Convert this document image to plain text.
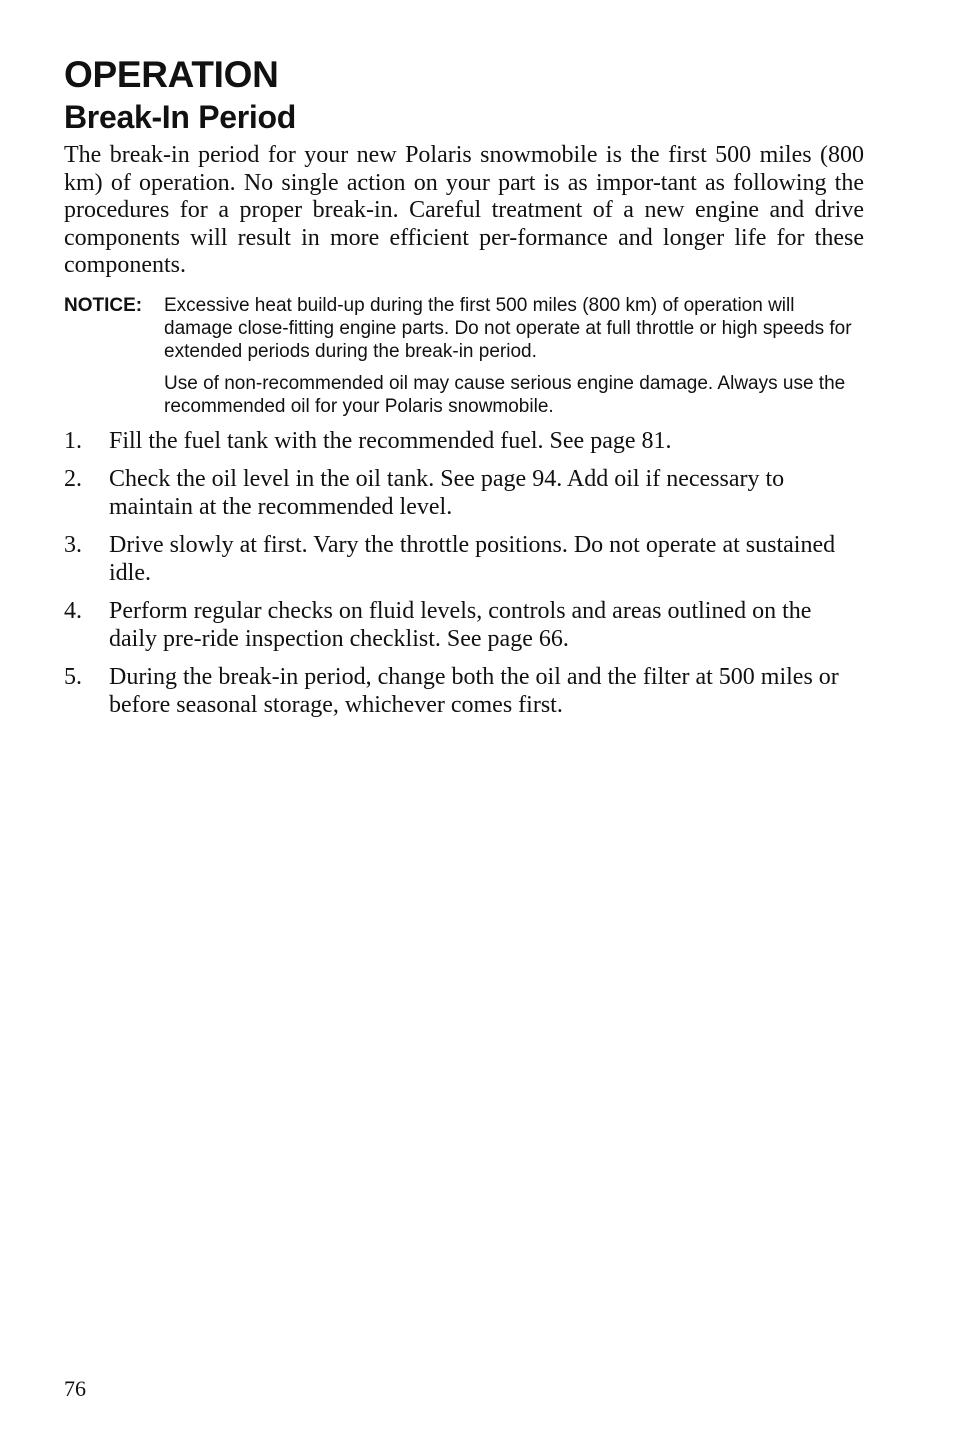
OPERATION
Break-In Period

The break-in period for your new Polaris snowmobile is the first 500 miles (800 km) of operation. No single action on your part is as impor-tant as following the procedures for a proper break-in. Careful treatment of a new engine and drive components will result in more efficient per-formance and longer life for these components.

NOTICE: Excessive heat build-up during the first 500 miles (800 km) of operation will damage close-fitting engine parts. Do not operate at full throttle or high speeds for extended periods during the break-in period.

Use of non-recommended oil may cause serious engine damage. Always use the recommended oil for your Polaris snowmobile.

1. Fill the fuel tank with the recommended fuel. See page 81.
2. Check the oil level in the oil tank. See page 94. Add oil if necessary to maintain at the recommended level.
3. Drive slowly at first. Vary the throttle positions. Do not operate at sustained idle.
4. Perform regular checks on fluid levels, controls and areas outlined on the daily pre-ride inspection checklist. See page 66.
5. During the break-in period, change both the oil and the filter at 500 miles or before seasonal storage, whichever comes first.
76
